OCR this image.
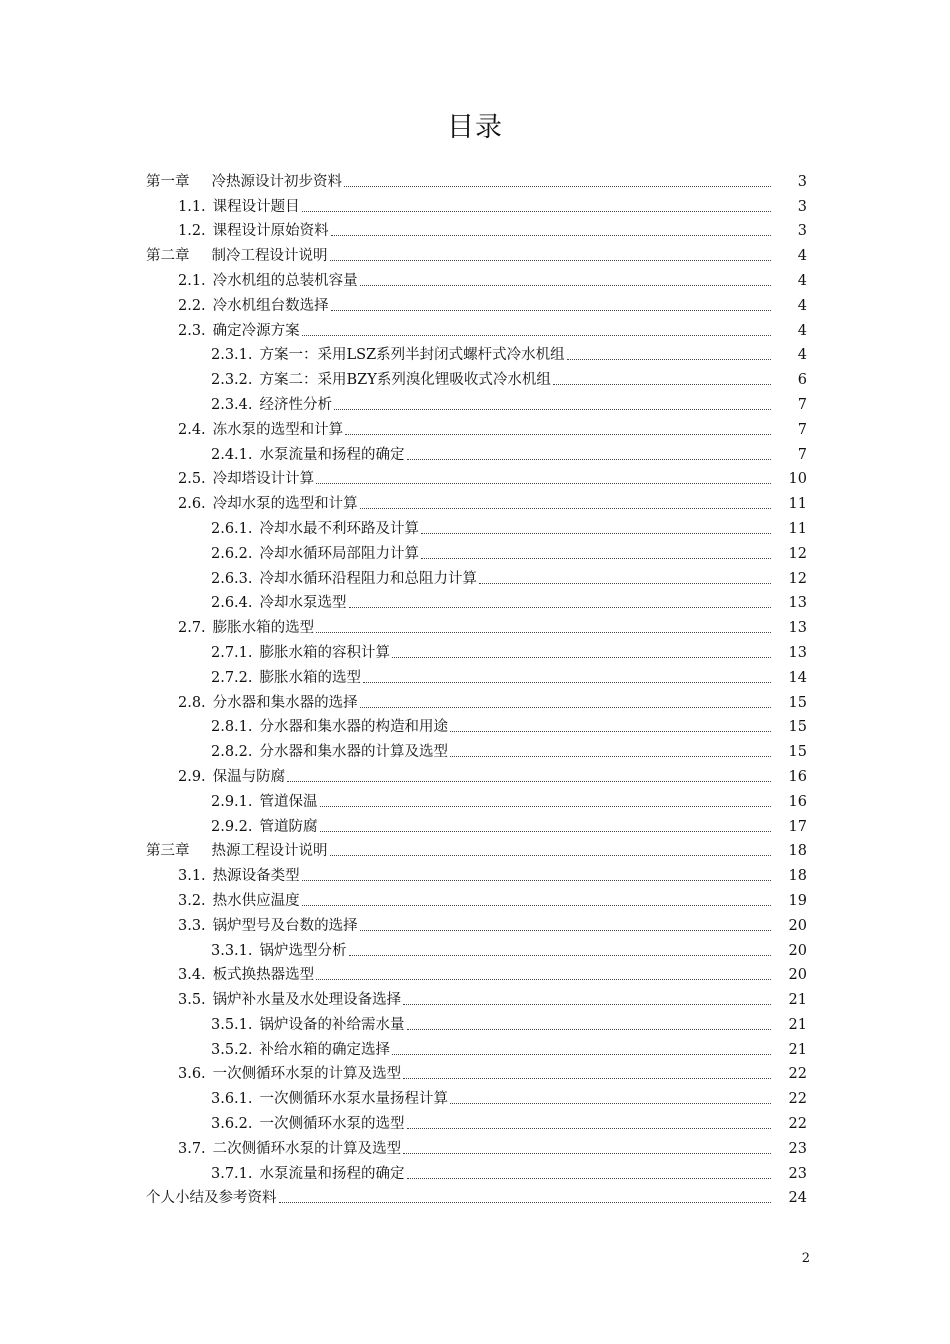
目录
第一章 冷热源设计初步资料	3
1.1. 课程设计题目	3
1.2. 课程设计原始资料	3
第二章 制冷工程设计说明	4
2.1. 冷水机组的总装机容量	4
2.2. 冷水机组台数选择	4
2.3. 确定冷源方案	4
2.3.1. 方案一：采用LSZ系列半封闭式螺杆式冷水机组	4
2.3.2. 方案二：采用BZY系列溴化锂吸收式冷水机组	6
2.3.4. 经济性分析	7
2.4. 冻水泵的选型和计算	7
2.4.1. 水泵流量和扬程的确定	7
2.5. 冷却塔设计计算	10
2.6. 冷却水泵的选型和计算	11
2.6.1. 冷却水最不利环路及计算	11
2.6.2. 冷却水循环局部阻力计算	12
2.6.3. 冷却水循环沿程阻力和总阻力计算	12
2.6.4. 冷却水泵选型	13
2.7. 膨胀水箱的选型	13
2.7.1. 膨胀水箱的容积计算	13
2.7.2. 膨胀水箱的选型	14
2.8. 分水器和集水器的选择	15
2.8.1. 分水器和集水器的构造和用途	15
2.8.2. 分水器和集水器的计算及选型	15
2.9. 保温与防腐	16
2.9.1. 管道保温	16
2.9.2. 管道防腐	17
第三章 热源工程设计说明	18
3.1. 热源设备类型	18
3.2. 热水供应温度	19
3.3. 锅炉型号及台数的选择	20
3.3.1. 锅炉选型分析	20
3.4. 板式换热器选型	20
3.5. 锅炉补水量及水处理设备选择	21
3.5.1. 锅炉设备的补给需水量	21
3.5.2. 补给水箱的确定选择	21
3.6. 一次侧循环水泵的计算及选型	22
3.6.1. 一次侧循环水泵水量扬程计算	22
3.6.2. 一次侧循环水泵的选型	22
3.7. 二次侧循环水泵的计算及选型	23
3.7.1. 水泵流量和扬程的确定	23
个人小结及参考资料	24
2
